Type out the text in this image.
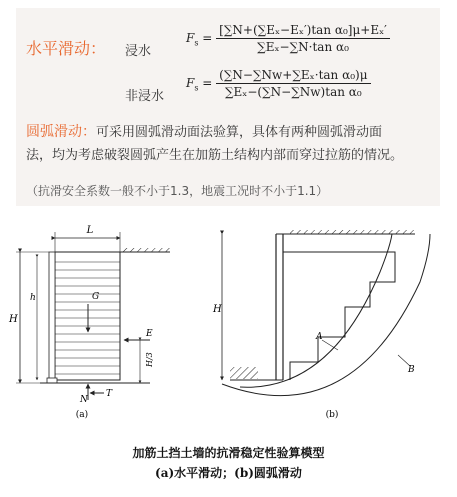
水平滑动： 浸水
非浸水
$F_s = \frac{\text{[∑N+(∑Eₓ−Eₓ′)tan α₀]μ+Eₓ′}}{\text{∑Eₓ−∑N·tan α₀}}$
$F_s = \frac{\text{(∑N−∑Nw+∑Eₓ·tan α₀)μ}}{\text{∑Eₓ−(∑N−∑Nw)tan α₀}}$
圆弧滑动：可采用圆弧滑动面法验算，具体有两种圆弧滑动面
法，均为考虑破裂圆弧产生在加筋土结构内部而穿过拉筋的情况。
（抗滑安全系数一般不小于1.3，地震工况时不小于1.1）
L
H
h	G
E
H/3
N
T
(a)
H
A
B
(b)
加筋土挡土墙的抗滑稳定性验算模型
(a)水平滑动；(b)圆弧滑动
